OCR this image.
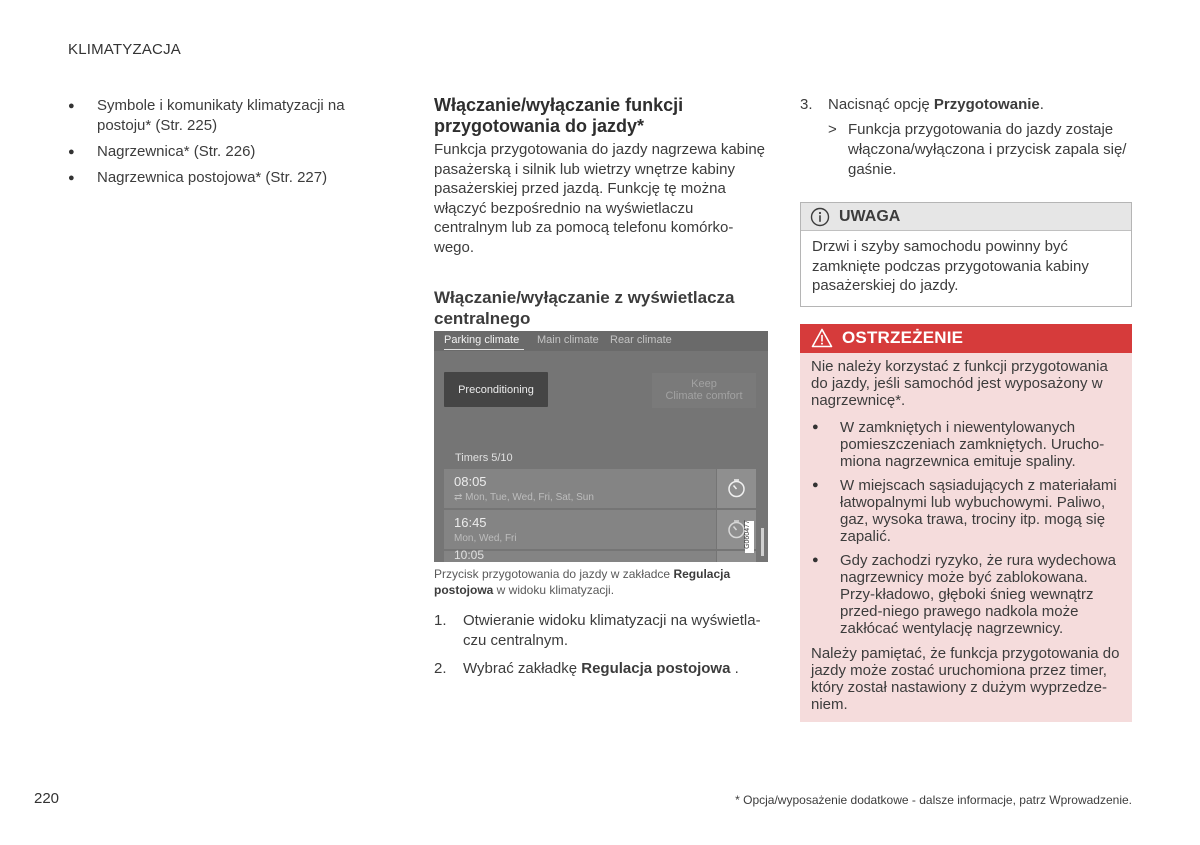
KLIMATYZACJA
● Symbole i komunikaty klimatyzacji na postoju* (Str. 225)
● Nagrzewnica* (Str. 226)
● Nagrzewnica postojowa* (Str. 227)
Włączanie/wyłączanie funkcji przygotowania do jazdy*
Funkcja przygotowania do jazdy nagrzewa kabinę pasażerską i silnik lub wietrzy wnętrze kabiny pasażerskiej przed jazdą. Funkcję tę można włączyć bezpośrednio na wyświetlaczu centralnym lub za pomocą telefonu komórko-wego.
Włączanie/wyłączanie z wyświetlacza centralnego
Parking climate Main climate Rear climate
Preconditioning	Keep
Climate comfort
Timers 5/10
08:05
⇄ Mon, Tue, Wed, Fri, Sat, Sun
16:45
Mon, Wed, Fri
10:05
G060477
Przycisk przygotowania do jazdy w zakładce Regulacja postojowa w widoku klimatyzacji.
1. Otwieranie widoku klimatyzacji na wyświetla-czu centralnym.
2. Wybrać zakładkę Regulacja postojowa .
3. Nacisnąć opcję Przygotowanie.
> Funkcja przygotowania do jazdy zostaje włączona/wyłączona i przycisk zapala się/ gaśnie.
UWAGA
Drzwi i szyby samochodu powinny być zamknięte podczas przygotowania kabiny pasażerskiej do jazdy.
OSTRZEŻENIE
Nie należy korzystać z funkcji przygotowania do jazdy, jeśli samochód jest wyposażony w nagrzewnicę*.
● W zamkniętych i niewentylowanych pomieszczeniach zamkniętych. Urucho-miona nagrzewnica emituje spaliny.
● W miejscach sąsiadujących z materiałami łatwopalnymi lub wybuchowymi. Paliwo, gaz, wysoka trawa, trociny itp. mogą się zapalić.
● Gdy zachodzi ryzyko, że rura wydechowa nagrzewnicy może być zablokowana. Przy-kładowo, głęboki śnieg wewnątrz przed-niego prawego nadkola może zakłócać wentylację nagrzewnicy.
Należy pamiętać, że funkcja przygotowania do jazdy może zostać uruchomiona przez timer, który został nastawiony z dużym wyprzedze-niem.
220	* Opcja/wyposażenie dodatkowe - dalsze informacje, patrz Wprowadzenie.
